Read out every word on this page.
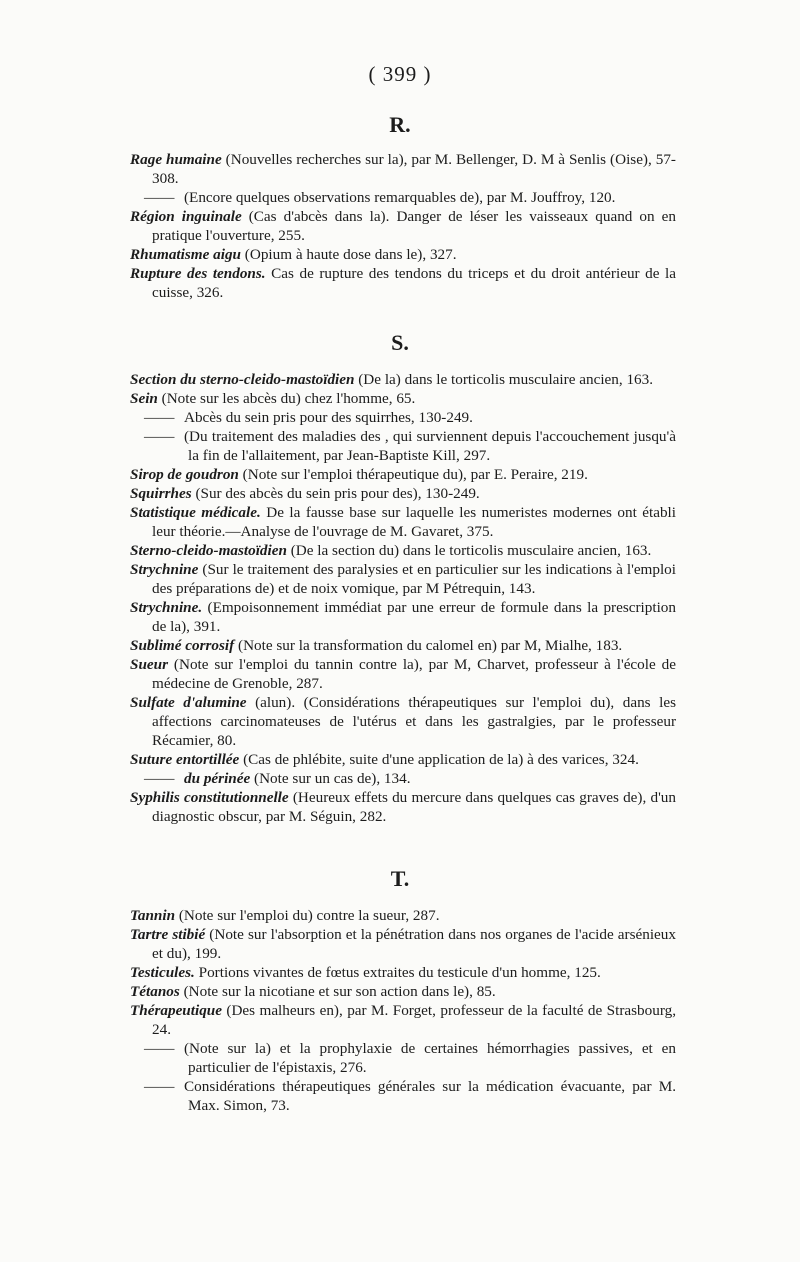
( 399 )
R.
Rage humaine (Nouvelles recherches sur la), par M. Bellenger, D. M à Senlis (Oise), 57-308.
——(Encore quelques observations remarquables de), par M. Jouffroy, 120.
Région inguinale (Cas d'abcès dans la). Danger de léser les vaisseaux quand on en pratique l'ouverture, 255.
Rhumatisme aigu (Opium à haute dose dans le), 327.
Rupture des tendons. Cas de rupture des tendons du triceps et du droit antérieur de la cuisse, 326.
S.
Section du sterno-cleido-mastoïdien (De la) dans le torticolis musculaire ancien, 163.
Sein (Note sur les abcès du) chez l'homme, 65.
——Abcès du sein pris pour des squirrhes, 130-249.
——(Du traitement des maladies des , qui surviennent depuis l'accouchement jusqu'à la fin de l'allaitement, par Jean-Baptiste Kill, 297.
Sirop de goudron (Note sur l'emploi thérapeutique du), par E. Peraire, 219.
Squirrhes (Sur des abcès du sein pris pour des), 130-249.
Statistique médicale. De la fausse base sur laquelle les numeristes modernes ont établi leur théorie.—Analyse de l'ouvrage de M. Gavaret, 375.
Sterno-cleido-mastoïdien (De la section du) dans le torticolis musculaire ancien, 163.
Strychnine (Sur le traitement des paralysies et en particulier sur les indications à l'emploi des préparations de) et de noix vomique, par M Pétrequin, 143.
Strychnine. (Empoisonnement immédiat par une erreur de formule dans la prescription de la), 391.
Sublimé corrosif (Note sur la transformation du calomel en) par M, Mialhe, 183.
Sueur (Note sur l'emploi du tannin contre la), par M, Charvet, professeur à l'école de médecine de Grenoble, 287.
Sulfate d'alumine (alun). (Considérations thérapeutiques sur l'emploi du), dans les affections carcinomateuses de l'utérus et dans les gastralgies, par le professeur Récamier, 80.
Suture entortillée (Cas de phlébite, suite d'une application de la) à des varices, 324.
——du périnée (Note sur un cas de), 134.
Syphilis constitutionnelle (Heureux effets du mercure dans quelques cas graves de), d'un diagnostic obscur, par M. Séguin, 282.
T.
Tannin (Note sur l'emploi du) contre la sueur, 287.
Tartre stibié (Note sur l'absorption et la pénétration dans nos organes de l'acide arsénieux et du), 199.
Testicules. Portions vivantes de fœtus extraites du testicule d'un homme, 125.
Tétanos (Note sur la nicotiane et sur son action dans le), 85.
Thérapeutique (Des malheurs en), par M. Forget, professeur de la faculté de Strasbourg, 24.
——(Note sur la) et la prophylaxie de certaines hémorrhagies passives, et en particulier de l'épistaxis, 276.
——Considérations thérapeutiques générales sur la médication évacuante, par M. Max. Simon, 73.
